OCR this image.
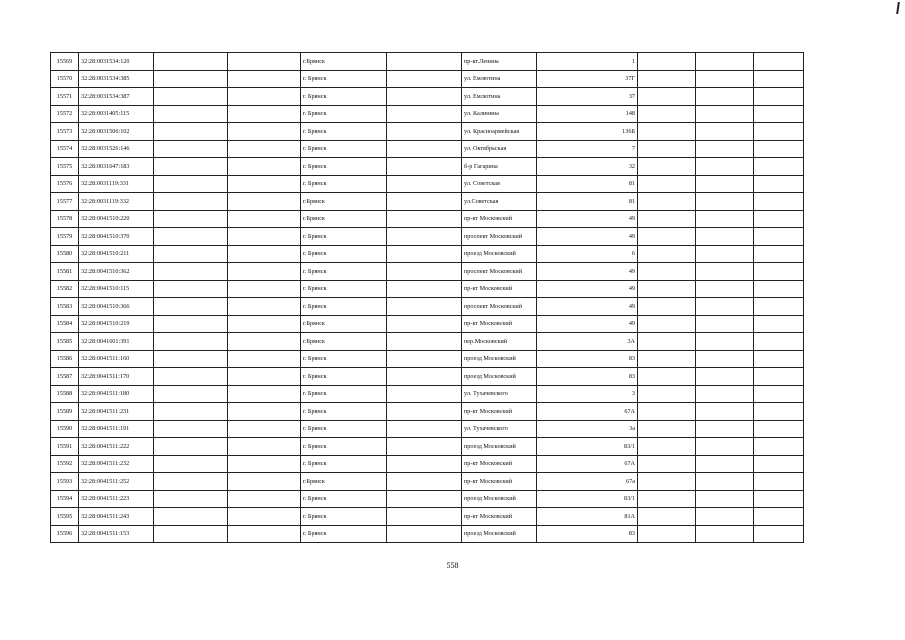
15569	32:28:0031534:120			г.Брянск		пр-кт.Ленина	1			
15570	32:28:0031534:385			г. Брянск		ул. Емлютина	37Г			
15571	32:28:0031534:387			г. Брянск		ул. Емлютина	37			
15572	32:28:0031405:115			г. Брянск		ул. Калинина	148			
15573	32:28:0031506:102			г. Брянск		ул. Красноармейская	136Б			
15574	32:28:0031526:146			г. Брянск		ул. Октябрьская	7			
15575	32:28:0031647:183			г. Брянск		б-р Гагарина	32			
15576	32:28:0031119:331			г. Брянск		ул. Советская	81			
15577	32:28:0031119:332			г.Брянск		ул.Советская	81			
15578	32:28:0041510:220			г.Брянск		пр-кт Московский	49			
15579	32:28:0041510:370			г. Брянск		проспект Московский	49			
15580	32:28:0041510:211			г. Брянск		проезд Московский	6			
15581	32:28:0041510:362			г. Брянск		проспект Московский	49			
15582	32:28:0041510:115			г. Брянск		пр-кт Московский	49			
15583	32:28:0041510:366			г. Брянск		проспект Московский	49			
15584	32:28:0041510:219			г.Брянск		пр-кт Московский	49			
15585	32:28:0041601:391			г.Брянск		пер.Московский	3А			
15586	32:28:0041511:160			г. Брянск		проезд Московский	83			
15587	32:28:0041511:170			г. Брянск		проезд Московский	83			
15588	32:28:0041511:180			г. Брянск		ул. Тухачевского	3			
15589	32:28:0041511:231			г. Брянск		пр-кт Московский	67А			
15590	32:28:0041511:191			г. Брянск		ул. Тухачевского	3а			
15591	32:28:0041511:222			г. Брянск		проезд Московский	83/1			
15592	32:28:0041511:232			г. Брянск		пр-кт Московский	67А			
15593	32:28:0041511:252			г.Брянск		пр-кт Московский	67а			
15594	32:28:0041511:223			г. Брянск		проезд Московский	83/1			
15595	32:28:0041511:243			г. Брянск		пр-кт Московский	81А			
15596	32:28:0041511:153			г. Брянск		проезд Московский	83			
558
